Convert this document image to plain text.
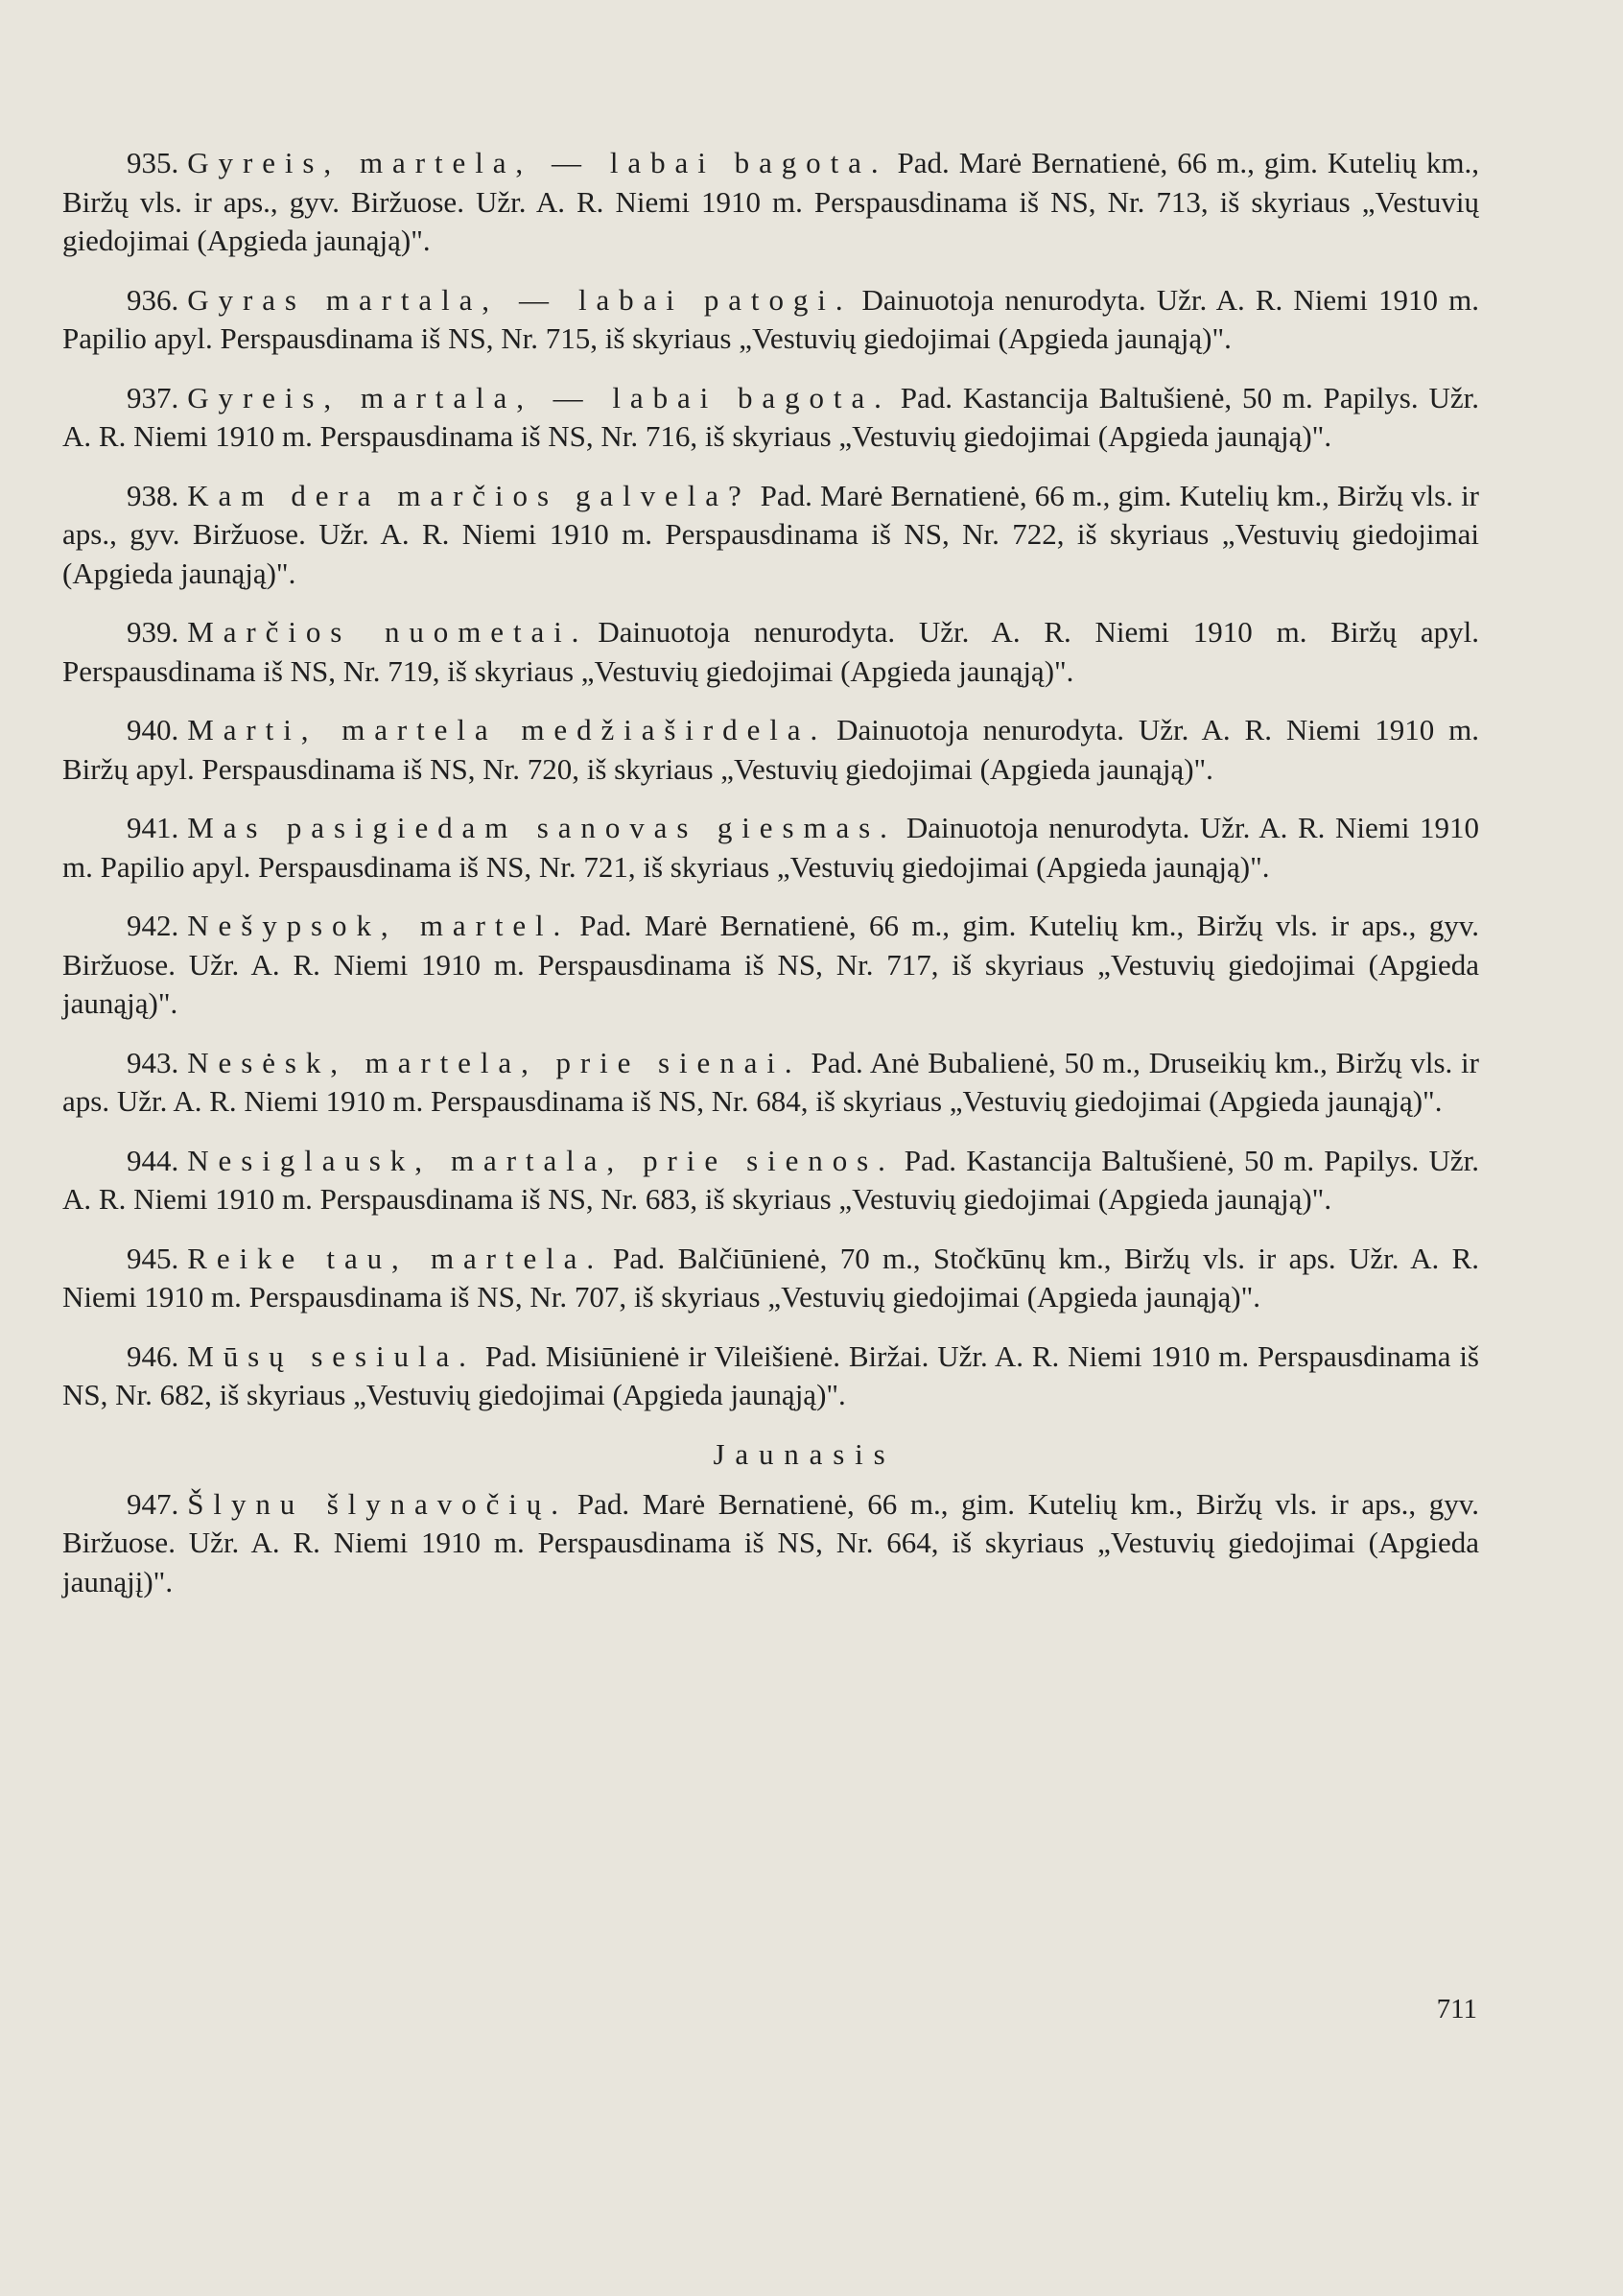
935. Gyreis, martela, — labai bagota. Pad. Marė Bernatienė, 66 m., gim. Kutelių km., Biržų vls. ir aps., gyv. Biržuose. Užr. A. R. Niemi 1910 m. Perspausdinama iš NS, Nr. 713, iš skyriaus „Vestuvių giedojimai (Apgieda jaunąją)".

936. Gyras martala, — labai patogi. Dainuotoja nenurodyta. Užr. A. R. Niemi 1910 m. Papilio apyl. Perspausdinama iš NS, Nr. 715, iš skyriaus „Vestuvių giedojimai (Apgieda jaunąją)".

937. Gyreis, martala, — labai bagota. Pad. Kastancija Baltušienė, 50 m. Papilys. Užr. A. R. Niemi 1910 m. Perspausdinama iš NS, Nr. 716, iš skyriaus „Vestuvių giedojimai (Apgieda jaunąją)".

938. Kam dera marčios galvela? Pad. Marė Bernatienė, 66 m., gim. Kutelių km., Biržų vls. ir aps., gyv. Biržuose. Užr. A. R. Niemi 1910 m. Perspausdinama iš NS, Nr. 722, iš skyriaus „Vestuvių giedojimai (Apgieda jaunąją)".

939. Marčios nuometai. Dainuotoja nenurodyta. Užr. A. R. Niemi 1910 m. Biržų apyl. Perspausdinama iš NS, Nr. 719, iš skyriaus „Vestuvių giedojimai (Apgieda jaunąją)".

940. Marti, martela medžiaširdela. Dainuotoja nenurodyta. Užr. A. R. Niemi 1910 m. Biržų apyl. Perspausdinama iš NS, Nr. 720, iš skyriaus „Vestuvių giedojimai (Apgieda jaunąją)".

941. Mas pasigiedam sanovas giesmas. Dainuotoja nenurodyta. Užr. A. R. Niemi 1910 m. Papilio apyl. Perspausdinama iš NS, Nr. 721, iš skyriaus „Vestuvių giedojimai (Apgieda jaunąją)".

942. Nešypsok, martel. Pad. Marė Bernatienė, 66 m., gim. Kutelių km., Biržų vls. ir aps., gyv. Biržuose. Užr. A. R. Niemi 1910 m. Perspausdinama iš NS, Nr. 717, iš skyriaus „Vestuvių giedojimai (Apgieda jaunąją)".

943. Nesėsk, martela, prie sienai. Pad. Anė Bubalienė, 50 m., Druseikių km., Biržų vls. ir aps. Užr. A. R. Niemi 1910 m. Perspausdinama iš NS, Nr. 684, iš skyriaus „Vestuvių giedojimai (Apgieda jaunąją)".

944. Nesiglausk, martala, prie sienos. Pad. Kastancija Baltušienė, 50 m. Papilys. Užr. A. R. Niemi 1910 m. Perspausdinama iš NS, Nr. 683, iš skyriaus „Vestuvių giedojimai (Apgieda jaunąją)".

945. Reike tau, martela. Pad. Balčiūnienė, 70 m., Stočkūnų km., Biržų vls. ir aps. Užr. A. R. Niemi 1910 m. Perspausdinama iš NS, Nr. 707, iš skyriaus „Vestuvių giedojimai (Apgieda jaunąją)".

946. Mūsų sesiula. Pad. Misiūnienė ir Vileišienė. Biržai. Užr. A. R. Niemi 1910 m. Perspausdinama iš NS, Nr. 682, iš skyriaus „Vestuvių giedojimai (Apgieda jaunąją)".

Jaunasis

947. Šlynu šlynavočių. Pad. Marė Bernatienė, 66 m., gim. Kutelių km., Biržų vls. ir aps., gyv. Biržuose. Užr. A. R. Niemi 1910 m. Perspausdinama iš NS, Nr. 664, iš skyriaus „Vestuvių giedojimai (Apgieda jaunąjį)".

711
